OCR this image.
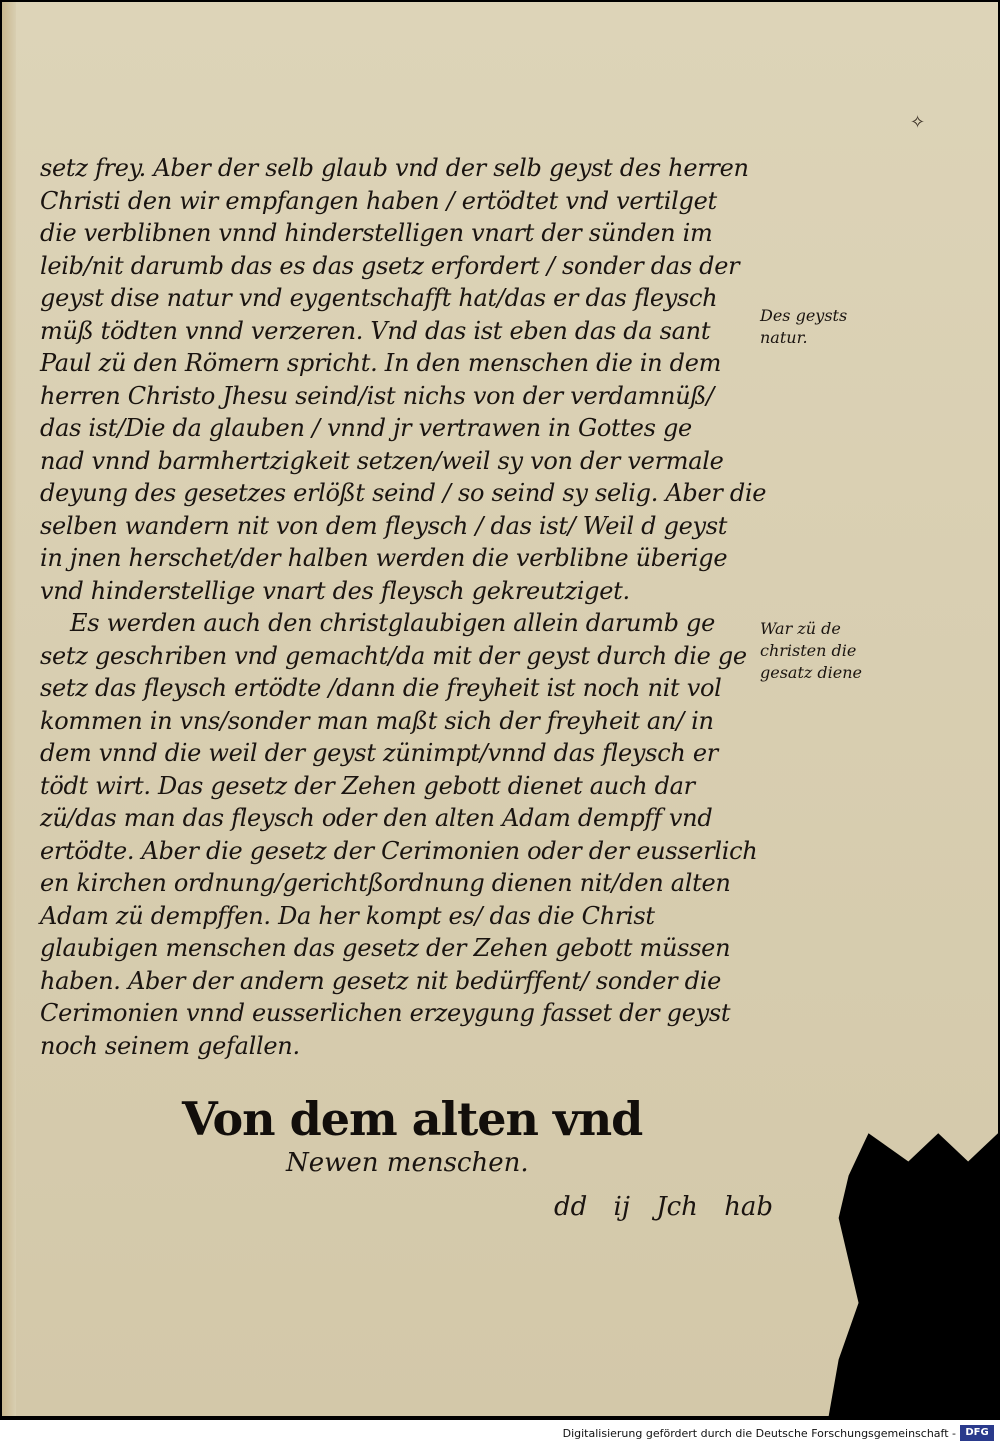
✧
setz frey. Aber der selb glaub vnd der selb geyst des herren
Christi den wir empfangen haben / ertödtet vnd vertilget
die verblibnen vnnd hinderstelligen vnart der sünden im
leib/nit darumb das es das gsetz erfordert / sonder das der
geyst dise natur vnd eygentschafft hat/das er das fleysch
müß tödten vnnd verzeren. Vnd das ist eben das da sant
Paul zü den Römern spricht. In den menschen die in dem
herren Christo Jhesu seind/ist nichs von der verdamnüß/
das ist/Die da glauben / vnnd jr vertrawen in Gottes ge
nad vnnd barmhertzigkeit setzen/weil sy von der vermale
deyung des gesetzes erlößt seind / so seind sy selig. Aber die
selben wandern nit von dem fleysch / das ist/ Weil d geyst
in jnen herschet/der halben werden die verblibne überige
vnd hinderstellige vnart des fleysch gekreutziget.
Es werden auch den christglaubigen allein darumb ge
setz geschriben vnd gemacht/da mit der geyst durch die ge
setz das fleysch ertödte /dann die freyheit ist noch nit vol
kommen in vns/sonder man maßt sich der freyheit an/ in
dem vnnd die weil der geyst zünimpt/vnnd das fleysch er
tödt wirt. Das gesetz der Zehen gebott dienet auch dar
zü/das man das fleysch oder den alten Adam dempff vnd
ertödte. Aber die gesetz der Cerimonien oder der eusserlich
en kirchen ordnung/gerichtßordnung dienen nit/den alten
Adam zü dempffen. Da her kompt es/ das die Christ
glaubigen menschen das gesetz der Zehen gebott müssen
haben. Aber der andern gesetz nit bedürffent/ sonder die
Cerimonien vnnd eusserlichen erzeygung fasset der geyst
noch seinem gefallen.
Des geysts
natur.
War zü de
christen die
gesatz diene
Von dem alten vnd
Newen menschen.
dd ij Jch hab
Digitalisierung gefördert durch die Deutsche Forschungsgemeinschaft - DFG
